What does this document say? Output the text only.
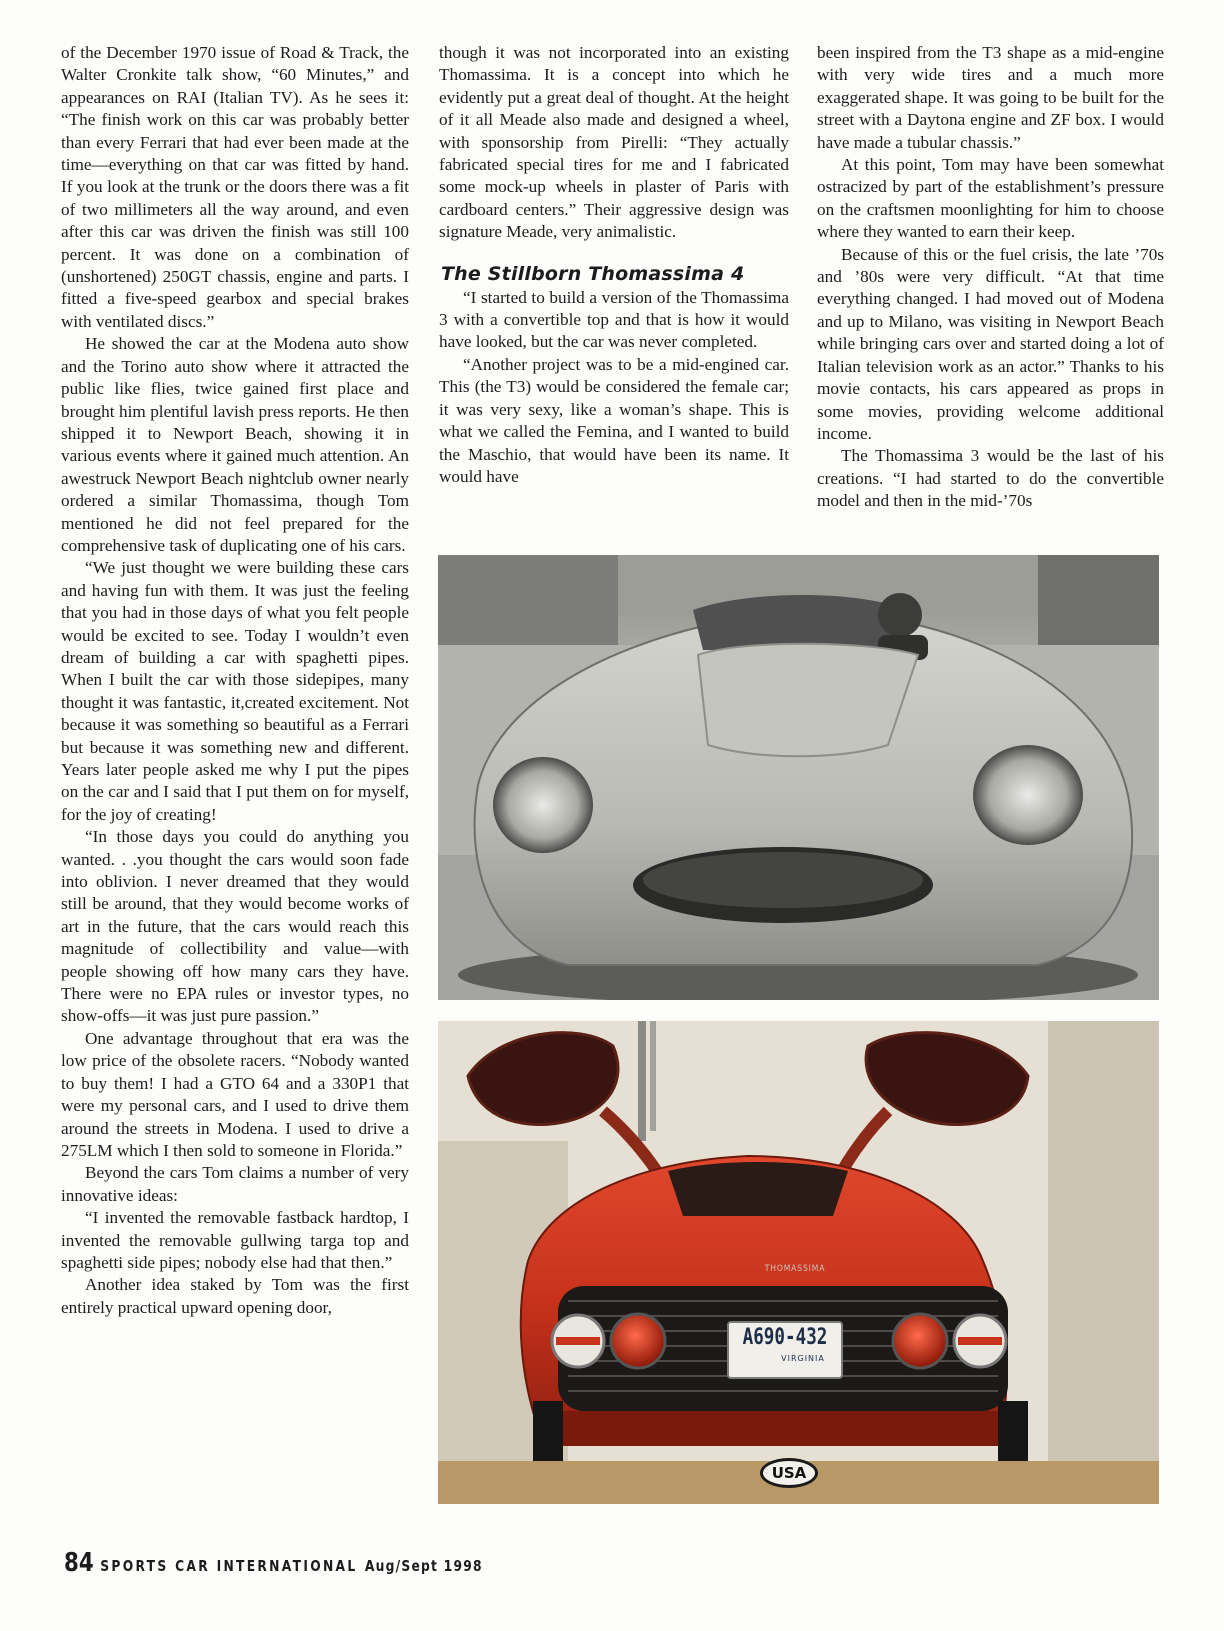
of the December 1970 issue of Road & Track, the Walter Cronkite talk show, “60 Minutes,” and appearances on RAI (Italian TV). As he sees it: “The finish work on this car was probably better than every Ferrari that had ever been made at the time—everything on that car was fitted by hand. If you look at the trunk or the doors there was a fit of two millimeters all the way around, and even after this car was driven the finish was still 100 percent. It was done on a combination of (unshortened) 250GT chassis, engine and parts. I fitted a five-speed gearbox and special brakes with ventilated discs.”

He showed the car at the Modena auto show and the Torino auto show where it attracted the public like flies, twice gained first place and brought him plentiful lavish press reports. He then shipped it to Newport Beach, showing it in various events where it gained much attention. An awestruck Newport Beach nightclub owner nearly ordered a similar Thomassima, though Tom mentioned he did not feel prepared for the comprehensive task of duplicating one of his cars.

“We just thought we were building these cars and having fun with them. It was just the feeling that you had in those days of what you felt people would be excited to see. Today I wouldn’t even dream of building a car with spaghetti pipes. When I built the car with those sidepipes, many thought it was fantastic, it,created excitement. Not because it was something so beautiful as a Ferrari but because it was something new and different. Years later people asked me why I put the pipes on the car and I said that I put them on for myself, for the joy of creating!

“In those days you could do anything you wanted. . .you thought the cars would soon fade into oblivion. I never dreamed that they would still be around, that they would become works of art in the future, that the cars would reach this magnitude of collectibility and value—with people showing off how many cars they have. There were no EPA rules or investor types, no show-offs—it was just pure passion.”

One advantage throughout that era was the low price of the obsolete racers. “Nobody wanted to buy them! I had a GTO 64 and a 330P1 that were my personal cars, and I used to drive them around the streets in Modena. I used to drive a 275LM which I then sold to someone in Florida.”

Beyond the cars Tom claims a number of very innovative ideas:

“I invented the removable fastback hardtop, I invented the removable gullwing targa top and spaghetti side pipes; nobody else had that then.”

Another idea staked by Tom was the first entirely practical upward opening door,

though it was not incorporated into an existing Thomassima. It is a concept into which he evidently put a great deal of thought. At the height of it all Meade also made and designed a wheel, with sponsorship from Pirelli: “They actually fabricated special tires for me and I fabricated some mock-up wheels in plaster of Paris with cardboard centers.” Their aggressive design was signature Meade, very animalistic.

The Stillborn Thomassima 4

“I started to build a version of the Thomassima 3 with a convertible top and that is how it would have looked, but the car was never completed.

“Another project was to be a mid-engined car. This (the T3) would be considered the female car; it was very sexy, like a woman’s shape. This is what we called the Femina, and I wanted to build the Maschio, that would have been its name. It would have

been inspired from the T3 shape as a mid-engine with very wide tires and a much more exaggerated shape. It was going to be built for the street with a Daytona engine and ZF box. I would have made a tubular chassis.”

At this point, Tom may have been somewhat ostracized by part of the establishment’s pressure on the craftsmen moonlighting for him to choose where they wanted to earn their keep.

Because of this or the fuel crisis, the late ’70s and ’80s were very difficult. “At that time everything changed. I had moved out of Modena and up to Milano, was visiting in Newport Beach while bringing cars over and started doing a lot of Italian television work as an actor.” Thanks to his movie contacts, his cars appeared as props in some movies, providing welcome additional income.

The Thomassima 3 would be the last of his creations. “I had started to do the convertible model and then in the mid-’70s

THOMASSIMA
A690-432
VIRGINIA
USA
84 SPORTS CAR INTERNATIONAL Aug/Sept 1998
